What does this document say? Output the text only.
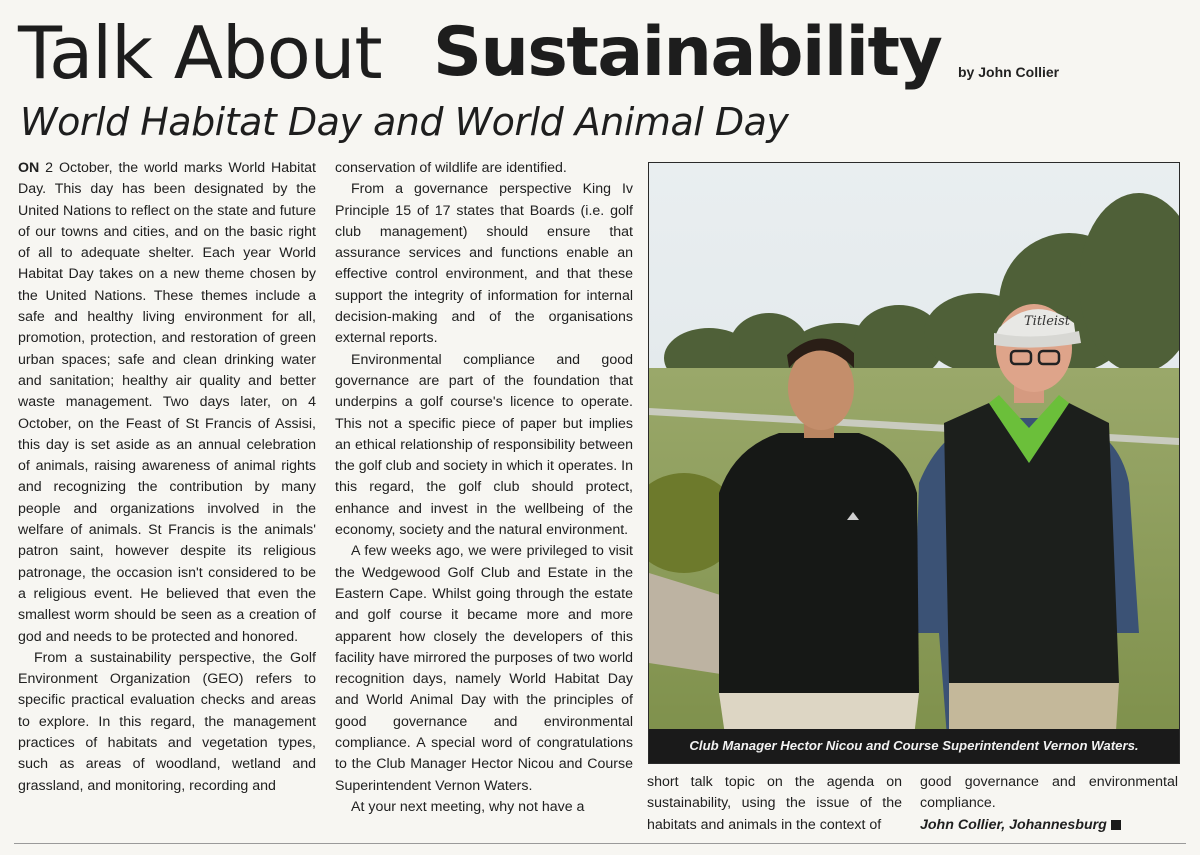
Talk About Sustainability by John Collier
World Habitat Day and World Animal Day

ON 2 October, the world marks World Habitat Day. This day has been designated by the United Nations to reflect on the state and future of our towns and cities, and on the basic right of all to adequate shelter. Each year World Habitat Day takes on a new theme chosen by the United Nations. These themes include a safe and healthy living environment for all, promotion, protection, and restoration of green urban spaces; safe and clean drinking water and sanitation; healthy air quality and better waste management. Two days later, on 4 October, on the Feast of St Francis of Assisi, this day is set aside as an annual celebration of animals, raising awareness of animal rights and recognizing the contribution by many people and organizations involved in the welfare of animals. St Francis is the animals' patron saint, however despite its religious patronage, the occasion isn't considered to be a religious event. He believed that even the smallest worm should be seen as a creation of god and needs to be protected and honored.

From a sustainability perspective, the Golf Environment Organization (GEO) refers to specific practical evaluation checks and areas to explore. In this regard, the management practices of habitats and vegetation types, such as areas of woodland, wetland and grassland, and monitoring, recording and

conservation of wildlife are identified.

From a governance perspective King Iv Principle 15 of 17 states that Boards (i.e. golf club management) should ensure that assurance services and functions enable an effective control environment, and that these support the integrity of information for internal decision-making and of the organisations external reports.

Environmental compliance and good governance are part of the foundation that underpins a golf course's licence to operate. This not a specific piece of paper but implies an ethical relationship of responsibility between the golf club and society in which it operates. In this regard, the golf club should protect, enhance and invest in the wellbeing of the economy, society and the natural environment.

A few weeks ago, we were privileged to visit the Wedgewood Golf Club and Estate in the Eastern Cape. Whilst going through the estate and golf course it became more and more apparent how closely the developers of this facility have mirrored the purposes of two world recognition days, namely World Habitat Day and World Animal Day with the principles of good governance and environmental compliance. A special word of congratulations to the Club Manager Hector Nicou and Course Superintendent Vernon Waters.

At your next meeting, why not have a

Titleist
Club Manager Hector Nicou and Course Superintendent Vernon Waters.

short talk topic on the agenda on sustainability, using the issue of the habitats and animals in the context of

good governance and environmental compliance.

John Collier, Johannesburg
